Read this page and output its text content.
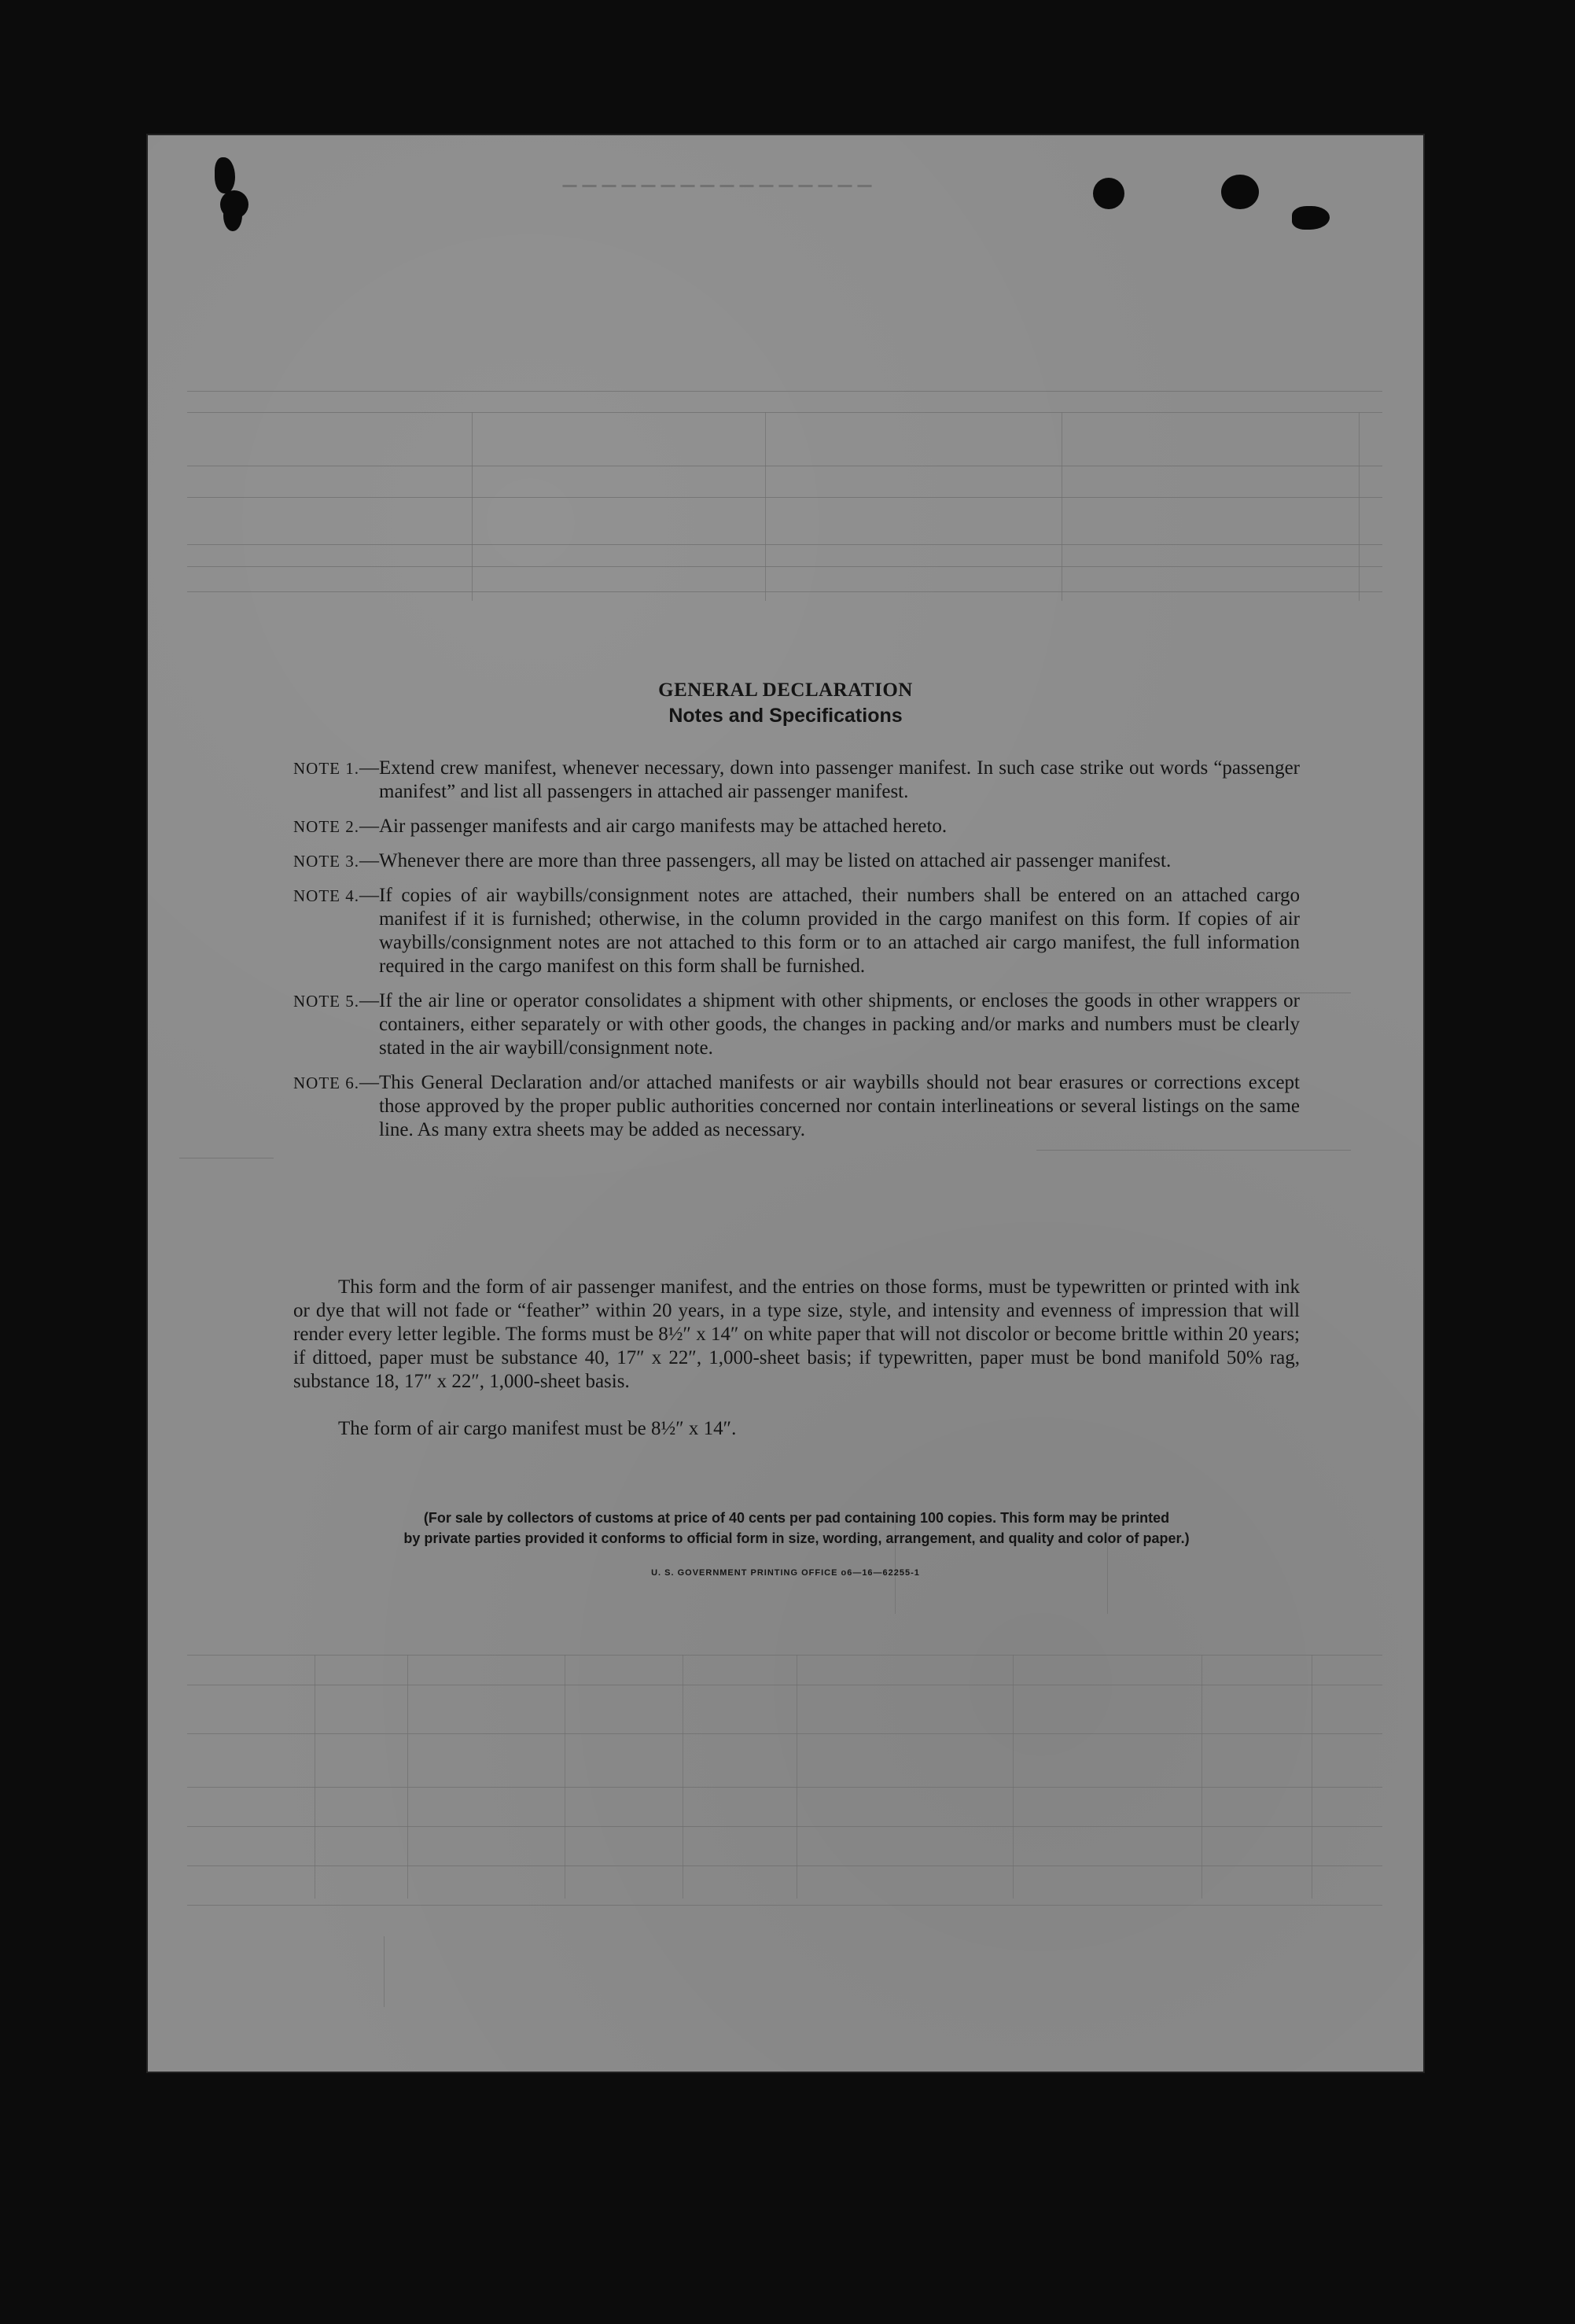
⎯⎯⎯⎯⎯⎯⎯⎯⎯⎯⎯⎯⎯⎯⎯⎯
GENERAL DECLARATION
Notes and Specifications
NOTE 1. — Extend crew manifest, whenever necessary, down into passenger manifest. In such case strike out words “passenger manifest” and list all passengers in attached air passenger manifest.
NOTE 2. — Air passenger manifests and air cargo manifests may be attached hereto.
NOTE 3. — Whenever there are more than three passengers, all may be listed on attached air passenger manifest.
NOTE 4. — If copies of air waybills/consignment notes are attached, their numbers shall be entered on an attached cargo manifest if it is furnished; otherwise, in the column provided in the cargo manifest on this form. If copies of air waybills/consignment notes are not attached to this form or to an attached air cargo manifest, the full information required in the cargo manifest on this form shall be furnished.
NOTE 5. — If the air line or operator consolidates a shipment with other shipments, or encloses the goods in other wrappers or containers, either separately or with other goods, the changes in packing and/or marks and numbers must be clearly stated in the air waybill/consignment note.
NOTE 6. — This General Declaration and/or attached manifests or air waybills should not bear erasures or corrections except those approved by the proper public authorities concerned nor contain interlineations or several listings on the same line. As many extra sheets may be added as necessary.
This form and the form of air passenger manifest, and the entries on those forms, must be typewritten or printed with ink or dye that will not fade or “feather” within 20 years, in a type size, style, and intensity and evenness of impression that will render every letter legible. The forms must be 8½″ x 14″ on white paper that will not discolor or become brittle within 20 years; if dittoed, paper must be substance 40, 17″ x 22″, 1,000-sheet basis; if typewritten, paper must be bond manifold 50% rag, substance 18, 17″ x 22″, 1,000-sheet basis.
The form of air cargo manifest must be 8½″ x 14″.
(For sale by collectors of customs at price of 40 cents per pad containing 100 copies. This form may be printed
by private parties provided it conforms to official form in size, wording, arrangement, and quality and color of paper.)
U. S. GOVERNMENT PRINTING OFFICE o6—16—62255-1
